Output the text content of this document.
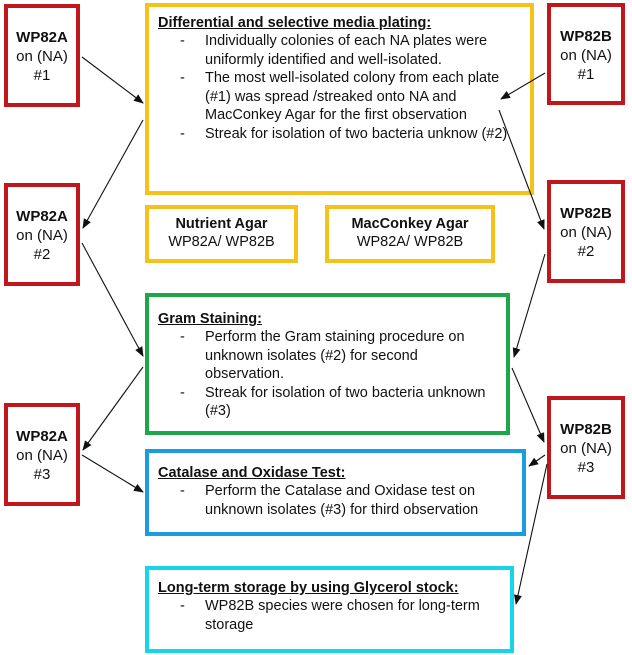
WP82A
on (NA)
#1
WP82A
on (NA)
#2
WP82A
on (NA)
#3
WP82B
on (NA)
#1
WP82B
on (NA)
#2
WP82B
on (NA)
#3

Differential and selective media plating:

- Individually colonies of each NA plates were uniformly identified and well-isolated.
- The most well-isolated colony from each plate (#1) was spread /streaked onto NA and MacConkey Agar for the first observation
- Streak for isolation of two bacteria unknow (#2)
Nutrient Agar
WP82A/ WP82B
MacConkey Agar
WP82A/ WP82B

Gram Staining:

- Perform the Gram staining procedure on unknown isolates (#2) for second observation.
- Streak for isolation of two bacteria unknown (#3)

Catalase and Oxidase Test:

- Perform the Catalase and Oxidase test on unknown isolates (#3) for third observation

Long-term storage by using Glycerol stock:

- WP82B species were chosen for long-term storage
